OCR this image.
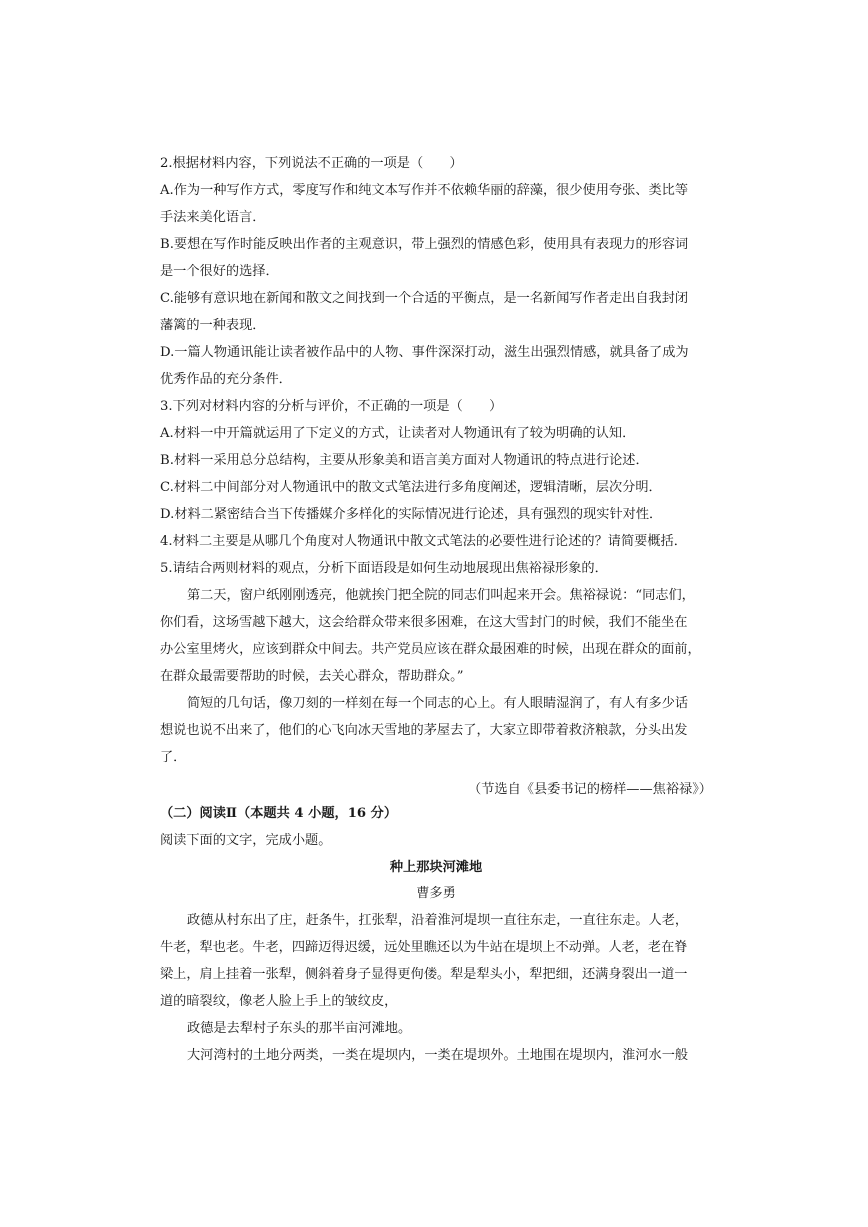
2.根据材料内容，下列说法不正确的一项是（　　）
A.作为一种写作方式，零度写作和纯文本写作并不依赖华丽的辞藻，很少使用夸张、类比等
手法来美化语言．
B.要想在写作时能反映出作者的主观意识，带上强烈的情感色彩，使用具有表现力的形容词
是一个很好的选择．
C.能够有意识地在新闻和散文之间找到一个合适的平衡点，是一名新闻写作者走出自我封闭
藩篱的一种表现．
D.一篇人物通讯能让读者被作品中的人物、事件深深打动，滋生出强烈情感，就具备了成为
优秀作品的充分条件．
3.下列对材料内容的分析与评价，不正确的一项是（　　）
A.材料一中开篇就运用了下定义的方式，让读者对人物通讯有了较为明确的认知．
B.材料一采用总分总结构，主要从形象美和语言美方面对人物通讯的特点进行论述．
C.材料二中间部分对人物通讯中的散文式笔法进行多角度阐述，逻辑清晰，层次分明．
D.材料二紧密结合当下传播媒介多样化的实际情况进行论述，具有强烈的现实针对性．
4.材料二主要是从哪几个角度对人物通讯中散文式笔法的必要性进行论述的？请简要概括．
5.请结合两则材料的观点，分析下面语段是如何生动地展现出焦裕禄形象的．
第二天，窗户纸刚刚透亮，他就挨门把全院的同志们叫起来开会。焦裕禄说：“同志们，
你们看，这场雪越下越大，这会给群众带来很多困难，在这大雪封门的时候，我们不能坐在
办公室里烤火，应该到群众中间去。共产党员应该在群众最困难的时候，出现在群众的面前，
在群众最需要帮助的时候，去关心群众，帮助群众。”
简短的几句话，像刀刻的一样刻在每一个同志的心上。有人眼睛湿润了，有人有多少话
想说也说不出来了，他们的心飞向冰天雪地的茅屋去了，大家立即带着救济粮款，分头出发
了．
（节选自《县委书记的榜样——焦裕禄》）
（二）阅读Ⅱ（本题共 4 小题，16 分）
阅读下面的文字，完成小题。
种上那块河滩地
曹多勇
政德从村东出了庄，赶条牛，扛张犁，沿着淮河堤坝一直往东走，一直往东走。人老，
牛老，犁也老。牛老，四蹄迈得迟缓，远处里瞧还以为牛站在堤坝上不动弹。人老，老在脊
梁上，肩上挂着一张犁，侧斜着身子显得更佝偻。犁是犁头小，犁把细，还满身裂出一道一
道的暗裂纹，像老人脸上手上的皱纹皮，
政德是去犁村子东头的那半亩河滩地。
大河湾村的土地分两类，一类在堤坝内，一类在堤坝外。土地围在堤坝内，淮河水一般
